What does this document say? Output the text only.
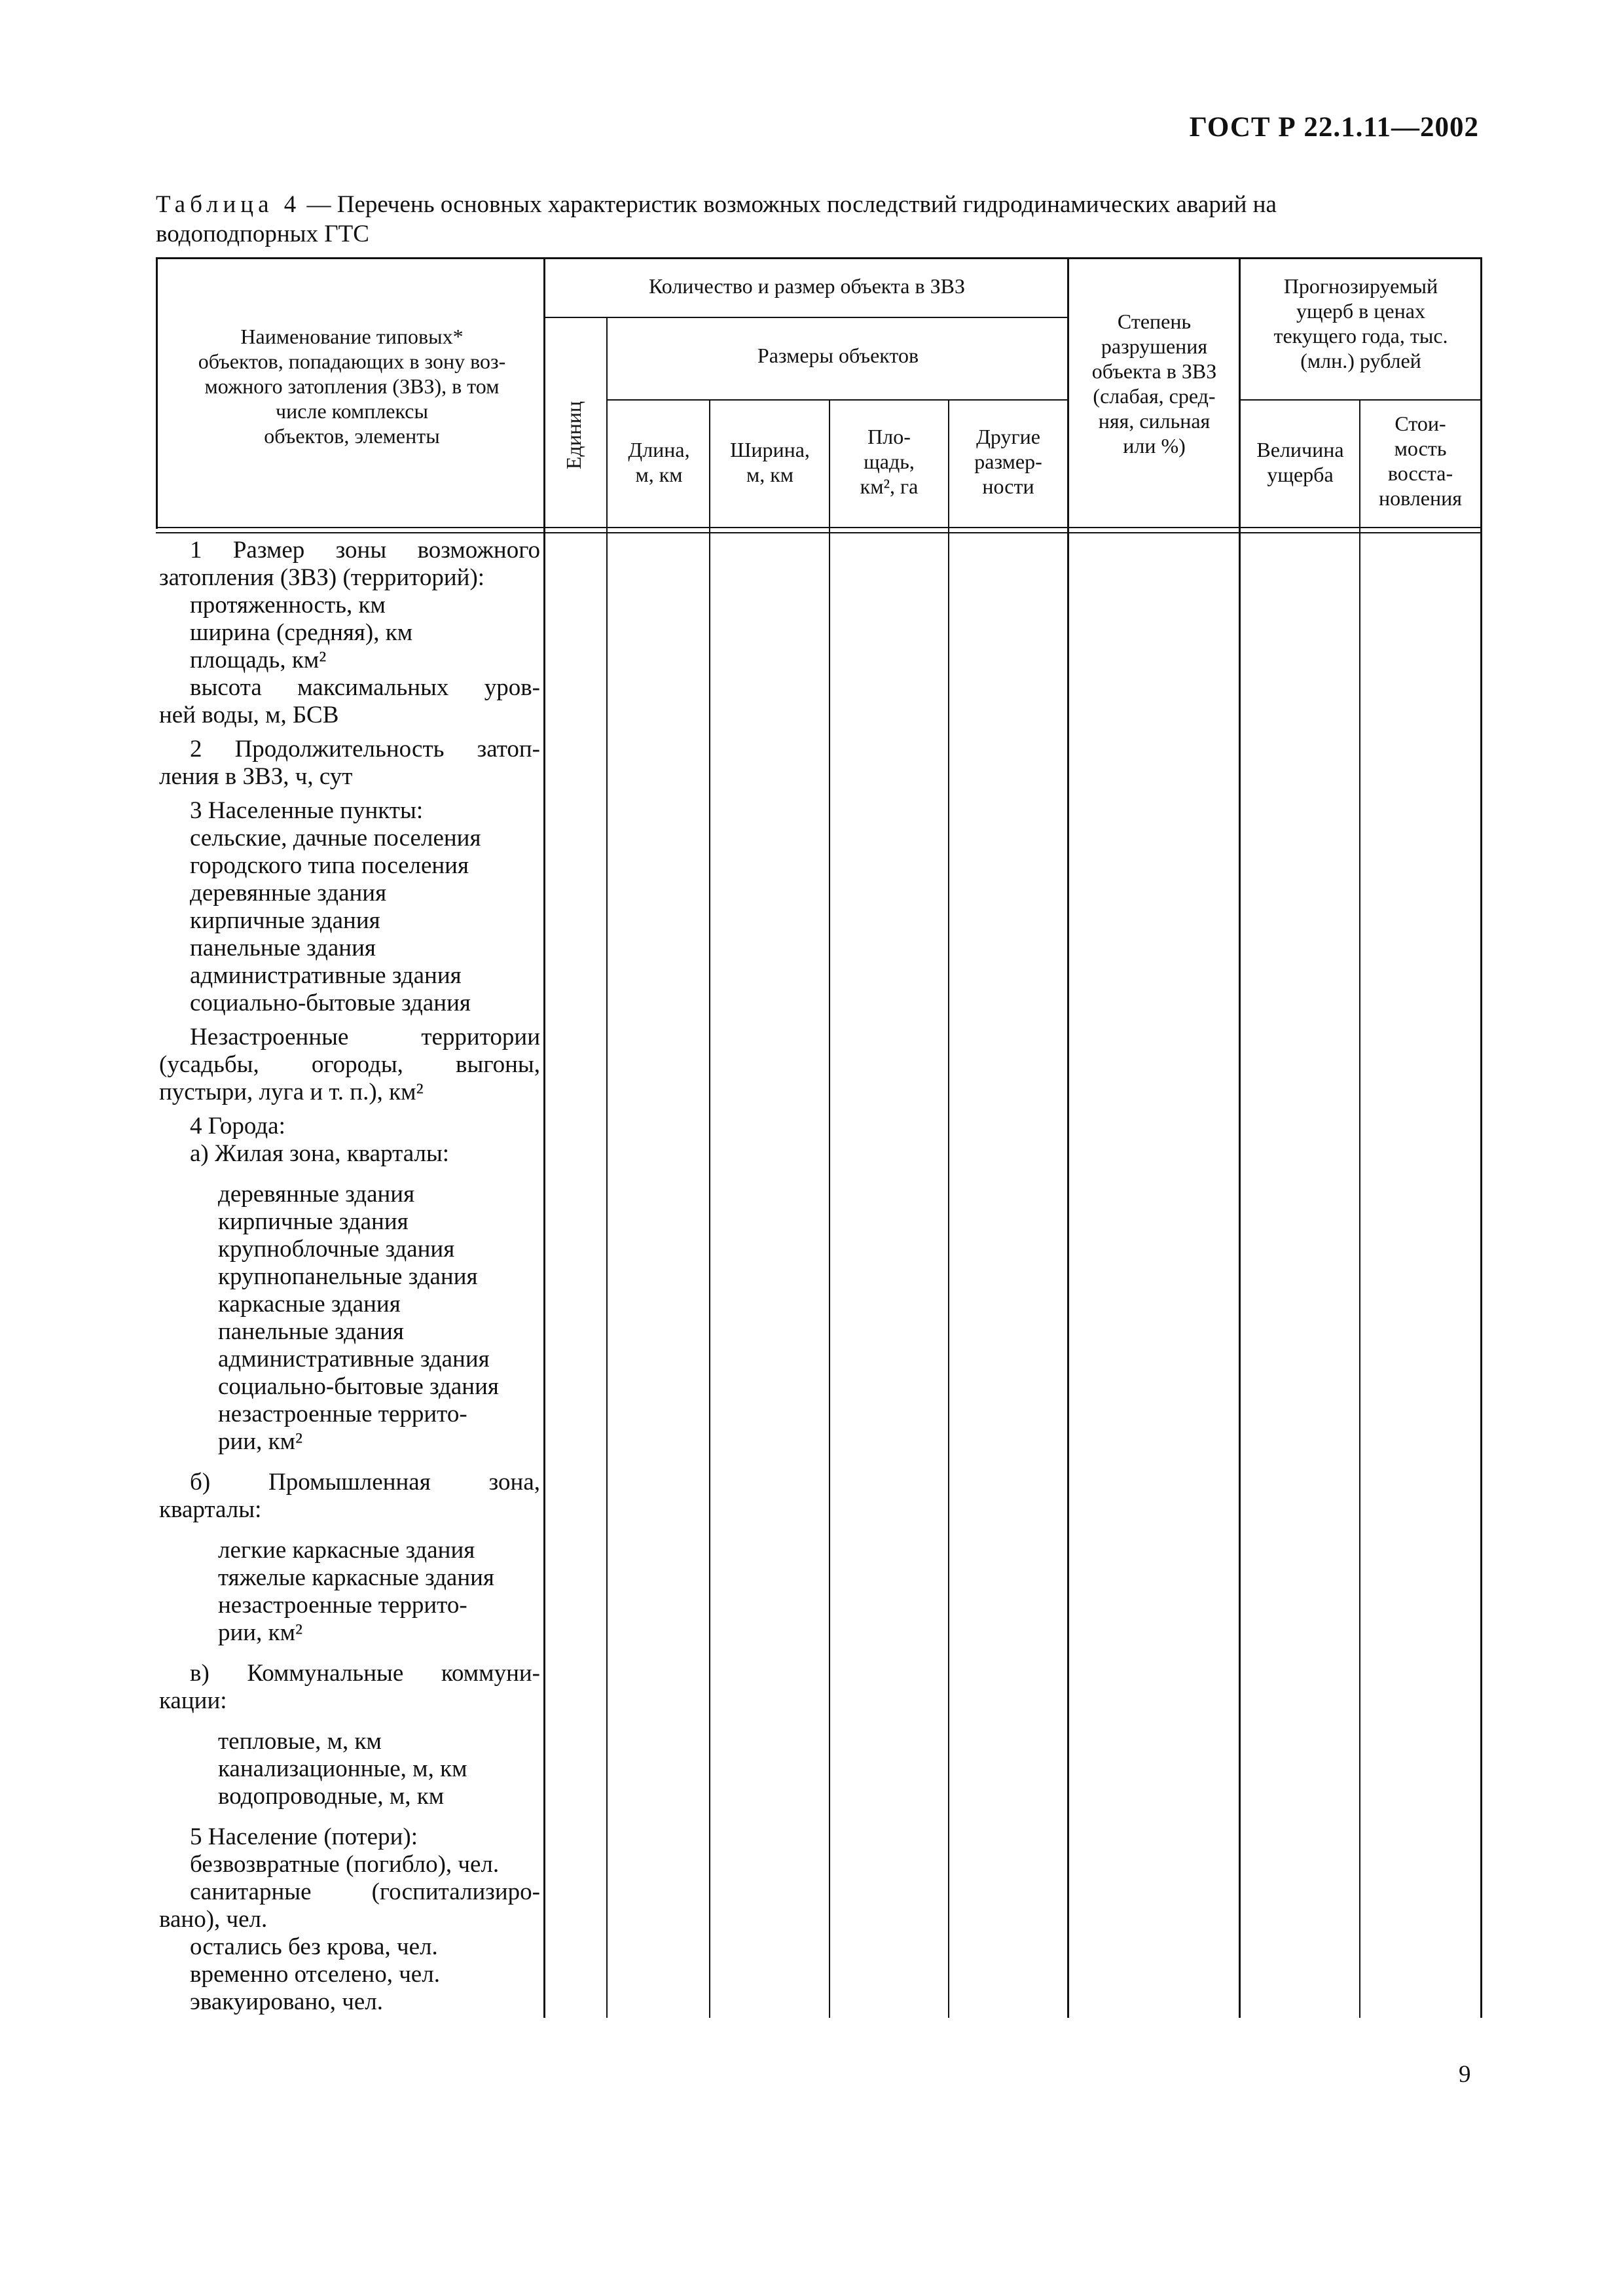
ГОСТ Р 22.1.11—2002
Таблица 4 — Перечень основных характеристик возможных последствий гидродинамических аварий на
водоподпорных ГТС
Наименование типовых*
объектов, попадающих в зону воз-
можного затопления (ЗВЗ), в том
числе комплексы
объектов, элементы
Количество и размер объекта в ЗВЗ
Единиц
Размеры объектов
Длина,
м, км
Ширина,
м, км
Пло-
щадь,
км², га
Другие
размер-
ности
Степень
разрушения
объекта в ЗВЗ
(слабая, сред-
няя, сильная
или %)
Прогнозируемый
ущерб в ценах
текущего года, тыс.
(млн.) рублей
Величина
ущерба
Стои-
мость
восста-
новления
1 Размер зоны возможного
затопления (ЗВЗ) (территорий):
протяженность, км
ширина (средняя), км
площадь, км²
высота максимальных уров-
ней воды, м, БСВ
2 Продолжительность затоп-
ления в ЗВЗ, ч, сут
3 Населенные пункты:
сельские, дачные поселения
городского типа поселения
деревянные здания
кирпичные здания
панельные здания
административные здания
социально-бытовые здания
Незастроенные территории
(усадьбы, огороды, выгоны,
пустыри, луга и т. п.), км²
4 Города:
а) Жилая зона, кварталы:
деревянные здания
кирпичные здания
крупноблочные здания
крупнопанельные здания
каркасные здания
панельные здания
административные здания
социально-бытовые здания
незастроенные террито-
рии, км²
б) Промышленная зона,
кварталы:
легкие каркасные здания
тяжелые каркасные здания
незастроенные террито-
рии, км²
в) Коммунальные коммуни-
кации:
тепловые, м, км
канализационные, м, км
водопроводные, м, км
5 Население (потери):
безвозвратные (погибло), чел.
санитарные (госпитализиро-
вано), чел.
остались без крова, чел.
временно отселено, чел.
эвакуировано, чел.
9
